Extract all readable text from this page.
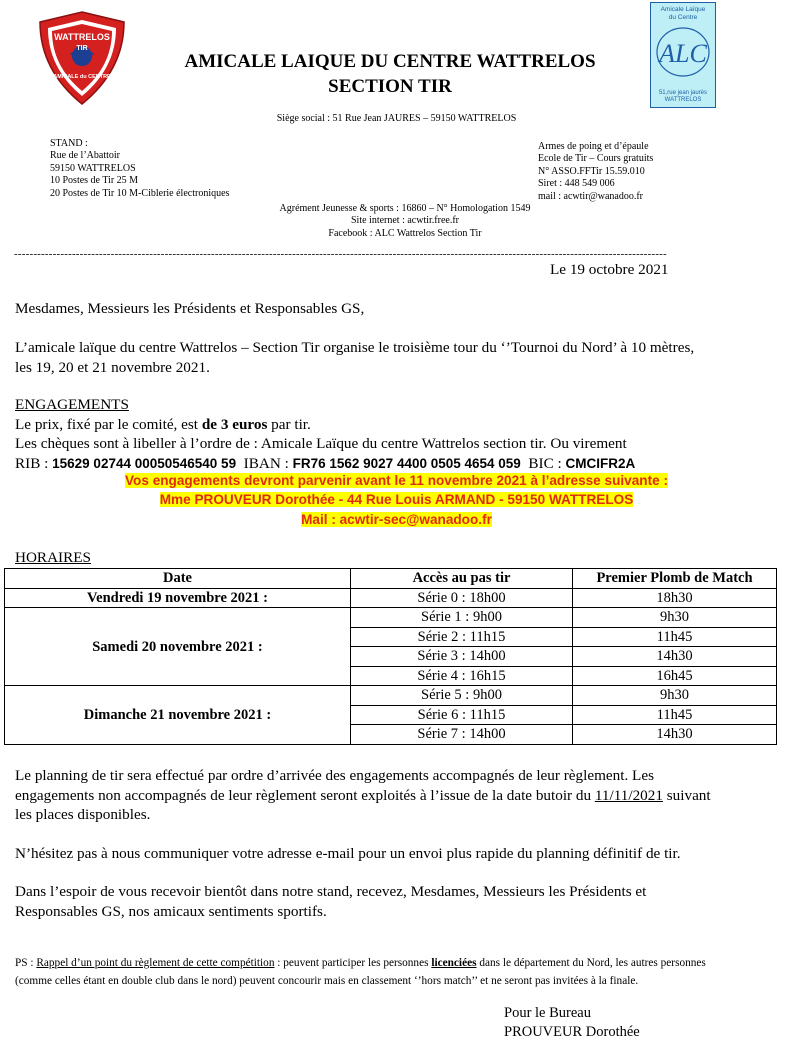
WATTRELOS
TIR
AMICALE du CENTRE
Amicale Laïque
du Centre
ALC
51,rue jean jaurès
WATTRELOS
AMICALE LAIQUE DU CENTRE WATTRELOS
SECTION TIR
Siège social : 51 Rue Jean JAURES – 59150 WATTRELOS
STAND :
Rue de l’Abattoir
59150 WATTRELOS
10 Postes de Tir 25 M
20 Postes de Tir 10 M-Ciblerie électroniques
Armes de poing et d’épaule
Ecole de Tir – Cours gratuits
N° ASSO.FFTir 15.59.010
Siret : 448 549 006
mail : acwtir@wanadoo.fr
Agrément Jeunesse & sports : 16860 – N° Homologation 1549
Site internet : acwtir.free.fr
Facebook : ALC Wattrelos Section Tir
-------------------------------------------------------------------------------------------------------------------------------------------------------------------------
Le 19 octobre 2021
Mesdames, Messieurs les Présidents et Responsables GS,
L’amicale laïque du centre Wattrelos – Section Tir organise le troisième tour du ‘’Tournoi du Nord’ à 10 mètres,
les 19, 20 et 21 novembre 2021.
ENGAGEMENTS
Le prix, fixé par le comité, est de 3 euros par tir.
Les chèques sont à libeller à l’ordre de : Amicale Laïque du centre Wattrelos section tir. Ou virement
RIB : 15629 02744 00050546540 59 IBAN : FR76 1562 9027 4400 0505 4654 059 BIC : CMCIFR2A
Vos engagements devront parvenir avant le 11 novembre 2021 à l’adresse suivante :
Mme PROUVEUR Dorothée - 44 Rue Louis ARMAND - 59150 WATTRELOS
Mail : acwtir-sec@wanadoo.fr
HORAIRES
Date	Accès au pas tir	Premier Plomb de Match
Vendredi 19 novembre 2021 :	Série 0 : 18h00	18h30
Samedi 20 novembre 2021 :	Série 1 : 9h00	9h30
	Série 2 : 11h15	11h45
	Série 3 : 14h00	14h30
	Série 4 : 16h15	16h45
Dimanche 21 novembre 2021 :	Série 5 : 9h00	9h30
	Série 6 : 11h15	11h45
	Série 7 : 14h00	14h30
Le planning de tir sera effectué par ordre d’arrivée des engagements accompagnés de leur règlement. Les
engagements non accompagnés de leur règlement seront exploités à l’issue de la date butoir du 11/11/2021 suivant
les places disponibles.
N’hésitez pas à nous communiquer votre adresse e-mail pour un envoi plus rapide du planning définitif de tir.
Dans l’espoir de vous recevoir bientôt dans notre stand, recevez, Mesdames, Messieurs les Présidents et
Responsables GS, nos amicaux sentiments sportifs.
PS : Rappel d’un point du règlement de cette compétition : peuvent participer les personnes licenciées dans le département du Nord, les autres personnes
(comme celles étant en double club dans le nord) peuvent concourir mais en classement ‘’hors match’’ et ne seront pas invitées à la finale.
Pour le Bureau
PROUVEUR Dorothée
